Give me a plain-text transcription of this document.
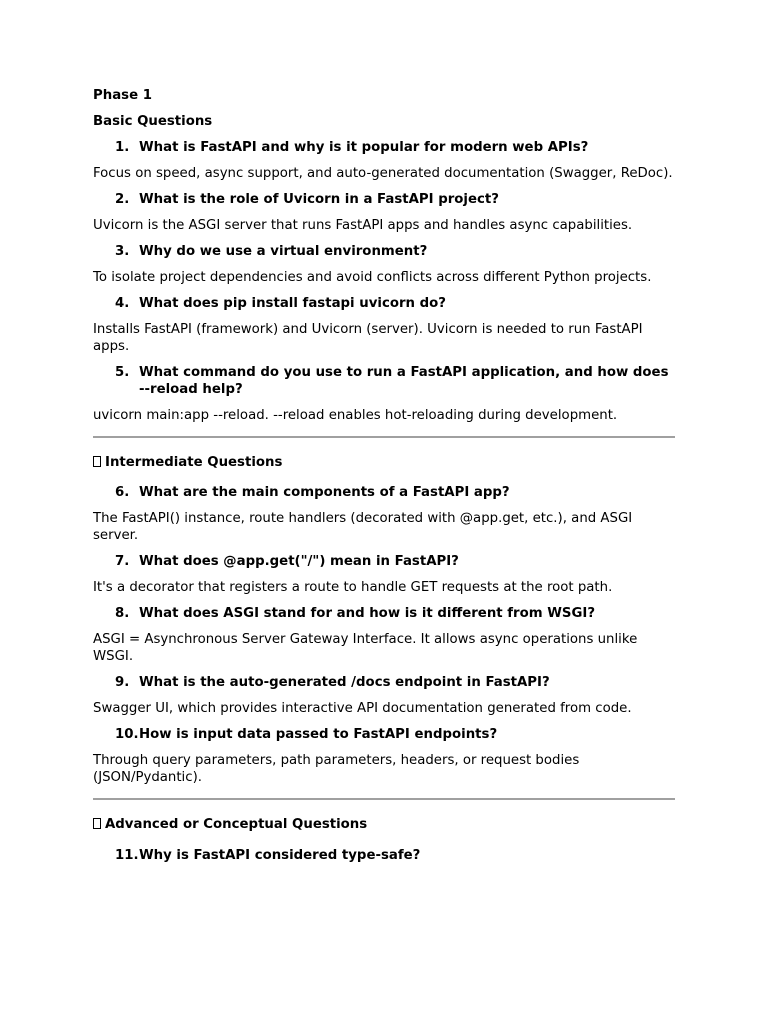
Phase 1

Basic Questions

1. What is FastAPI and why is it popular for modern web APIs?

Focus on speed, async support, and auto-generated documentation (Swagger, ReDoc).

2. What is the role of Uvicorn in a FastAPI project?

Uvicorn is the ASGI server that runs FastAPI apps and handles async capabilities.

3. Why do we use a virtual environment?

To isolate project dependencies and avoid conflicts across different Python projects.

4. What does pip install fastapi uvicorn do?

Installs FastAPI (framework) and Uvicorn (server). Uvicorn is needed to run FastAPI apps.

5. What command do you use to run a FastAPI application, and how does --reload help?

uvicorn main:app --reload. --reload enables hot-reloading during development.

Intermediate Questions

6. What are the main components of a FastAPI app?

The FastAPI() instance, route handlers (decorated with @app.get, etc.), and ASGI server.

7. What does @app.get("/") mean in FastAPI?

It's a decorator that registers a route to handle GET requests at the root path.

8. What does ASGI stand for and how is it different from WSGI?

ASGI = Asynchronous Server Gateway Interface. It allows async operations unlike WSGI.

9. What is the auto-generated /docs endpoint in FastAPI?

Swagger UI, which provides interactive API documentation generated from code.

10. How is input data passed to FastAPI endpoints?

Through query parameters, path parameters, headers, or request bodies (JSON/Pydantic).

Advanced or Conceptual Questions

11. Why is FastAPI considered type-safe?
